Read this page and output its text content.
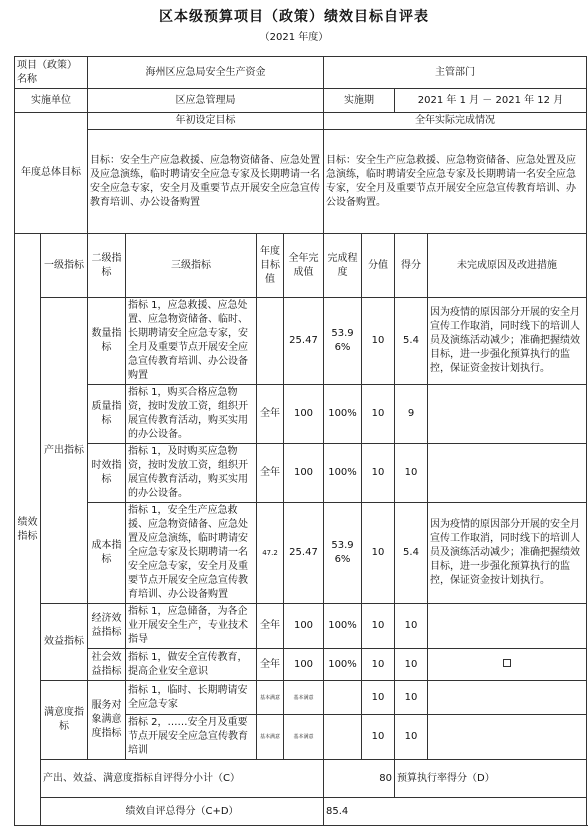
区本级预算项目（政策）绩效目标自评表
（2021 年度）
项目（政策）名称		海州区应急局安全生产资金				主管部门				
实施单位		区应急管理局				实施期		2021 年 1 月 － 2021 年 12 月		
年度总体目标		年初设定目标				全年实际完成情况				
		目标：安全生产应急救援、应急物资储备、应急处置及应急演练，临时聘请安全应急专家及长期聘请一名安全应急专家，安全月及重要节点开展安全应急宣传教育培训、办公设备购置				目标：安全生产应急救援、应急物资储备、应急处置及应急演练，临时聘请安全应急专家及长期聘请一名安全应急专家，安全月及重要节点开展安全应急宣传教育培训、办公设备购置。				
绩效指标	一级指标	二级指标	三级指标	年度目标值	全年完成值	完成程度	分值	得分	未完成原因及改进措施	
	产出指标	数量指标	指标 1，应急救援、应急处置、应急物资储备、临时、长期聘请安全应急专家，安全月及重要节点开展安全应急宣传教育培训、办公设备购置		25.47	53.96%	10	5.4	因为疫情的原因部分开展的安全月宣传工作取消，同时线下的培训人员及演练活动减少；准确把握绩效目标，进一步强化预算执行的监控，保证资金按计划执行。	
		质量指标	指标 1，购买合格应急物资，按时发放工资，组织开展宣传教育活动，购买实用的办公设备。	全年	100	100%	10	9		
		时效指标	指标 1，及时购买应急物资，按时发放工资，组织开展宣传教育活动，购买实用的办公设备。	全年	100	100%	10	10		
		成本指标	指标 1，安全生产应急救援、应急物资储备、应急处置及应急演练，临时聘请安全应急专家及长期聘请一名安全应急专家，安全月及重要节点开展安全应急宣传教育培训、办公设备购置	47.2	25.47	53.96%	10	5.4	因为疫情的原因部分开展的安全月宣传工作取消，同时线下的培训人员及演练活动减少；准确把握绩效目标，进一步强化预算执行的监控，保证资金按计划执行。	
	效益指标	经济效益指标	指标 1，应急储备，为各企业开展安全生产，专业技术指导	全年	100	100%	10	10		
		社会效益指标	指标 1，做安全宣传教育，提高企业安全意识	全年	100	100%	10	10		
	满意度指标	服务对象满意度指标	指标 1，临时、长期聘请安全应急专家	基本满意	基本满意		10	10		
			指标 2，……安全月及重要节点开展安全应急宣传教育培训	基本满意	基本满意		10	10		
	产出、效益、满意度指标自评得分小计（C）					80		预算执行率得分（D）	
	绩效自评总得分（C+D）					85.4				
